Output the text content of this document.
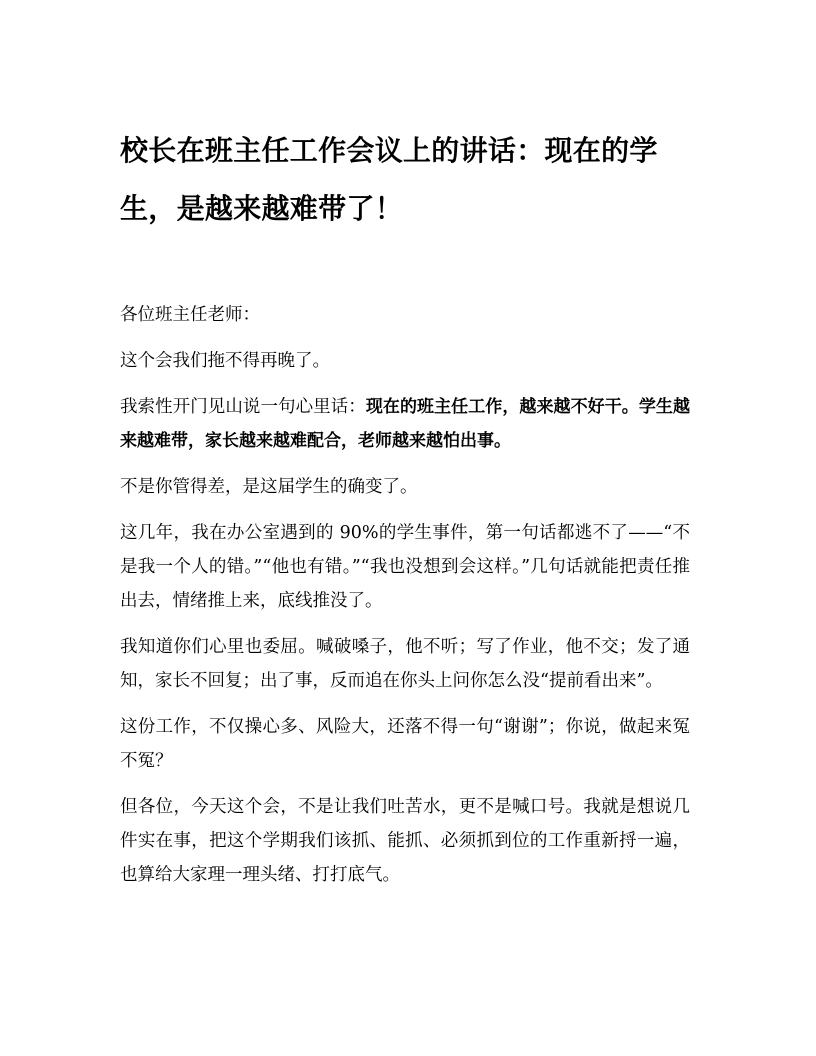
校长在班主任工作会议上的讲话：现在的学生，是越来越难带了！

各位班主任老师：

这个会我们拖不得再晚了。

我索性开门见山说一句心里话：现在的班主任工作，越来越不好干。学生越来越难带，家长越来越难配合，老师越来越怕出事。

不是你管得差，是这届学生的确变了。

这几年，我在办公室遇到的 90%的学生事件，第一句话都逃不了——“不是我一个人的错。”“他也有错。”“我也没想到会这样。”几句话就能把责任推出去，情绪推上来，底线推没了。

我知道你们心里也委屈。喊破嗓子，他不听；写了作业，他不交；发了通知，家长不回复；出了事，反而追在你头上问你怎么没“提前看出来”。

这份工作，不仅操心多、风险大，还落不得一句“谢谢”；你说，做起来冤不冤？

但各位，今天这个会，不是让我们吐苦水，更不是喊口号。我就是想说几件实在事，把这个学期我们该抓、能抓、必须抓到位的工作重新捋一遍，也算给大家理一理头绪、打打底气。
